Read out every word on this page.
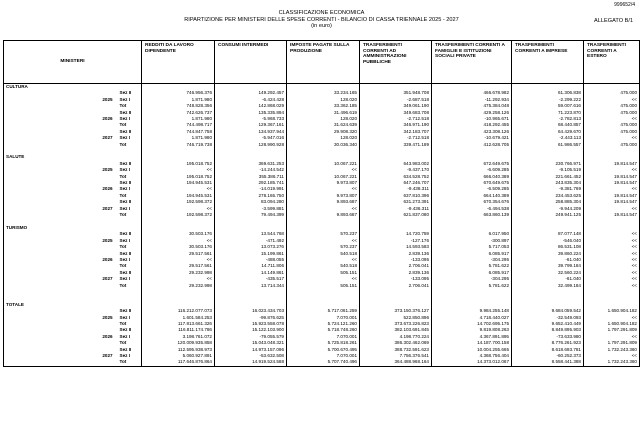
999652/4
CLASSIFICAZIONE ECONOMICA
RIPARTIZIONE PER MINISTERI DELLE SPESE CORRENTI - BILANCIO DI CASSA TRIENNALE 2025 - 2027
(in euro)
ALLEGATO B/1
MINISTERI			REDDITI DA LAVORO DIPENDENTE	CONSUMI INTERMEDI	IMPOSTE PAGATE SULLA PRODUZIONE	TRASFERIMENTI CORRENTI AD AMMINISTRAZIONI PUBBLICHE	TRASFERIMENTI CORRENTI A FAMIGLIE E ISTITUZIONI SOCIALI PRIVATE	TRASFERIMENTI CORRENTI A IMPRESE	TRASFERIMENTI CORRENTI A ESTERO
CULTURA									
		Sez II	746.956.376	149.292.457	33.234.165	351.948.708	466.678.982	61.306.838	475.000
	2025	Sez I	1.871.980	-6.424.428	128.020	-2.687.518	-11.292.934	-2.299.222	<<
		Tot	748.828.356	142.868.029	33.362.185	349.061.190	475.384.048	59.007.616	475.000
		Sez II	742.626.737	135.335.894	31.496.619	349.683.708	429.258.126	71.223.870	475.000
	2026	Sez I	1.871.980	-5.968.733	128.020	-2.712.518	-10.965.671	-2.782.813	<<
		Tot	744.498.717	129.367.161	31.624.639	346.971.190	418.292.455	68.440.857	475.000
		Sez II	744.847.758	134.937.944	29.908.320	342.183.707	423.308.126	64.429.670	475.000
	2027	Sez I	1.871.980	-5.947.016	128.020	-2.712.518	-10.679.421	-2.443.113	<<
		Tot	746.719.738	128.990.928	30.036.340	339.471.189	412.628.705	61.986.557	475.000

SALUTE									
		Sez II	195.018.752	369.631.253	10.067.221	643.983.002	672.649.675	230.766.971	19.814.547
	2025	Sez I	<<	-14.244.542	<<	-9.437.170	-6.609.285	-9.105.519	<<
		Tot	195.018.752	355.386.711	10.067.221	634.528.752	666.040.389	221.661.452	19.814.547
		Sez II	194.945.531	292.185.741	9.973.807	647.246.707	670.649.675	243.835.304	19.814.547
	2026	Sez I	<<	-14.019.991	<<	-9.438.311	-6.509.285	-9.381.769	<<
		Tot	194.945.531	278.165.750	9.973.807	637.810.396	664.140.389	234.453.625	19.814.547
		Sez II	192.598.372	83.094.280	9.893.687	631.273.391	670.354.676	258.885.304	19.814.547
	2027	Sez I	<<	-3.599.881	<<	-9.436.311	-6.494.538	-9.944.209	<<
		Tot	192.598.372	79.494.399	9.893.687	621.837.080	663.860.139	249.941.125	19.814.547

TURISMO									
		Sez II	30.503.176	13.544.768	570.237	14.720.759	6.017.950	87.077.148	<<
	2025	Sez I	<<	-471.492	<<	-127.176	-300.897	-546.040	<<
		Tot	30.503.176	13.073.276	570.237	14.593.583	5.717.053	86.531.108	<<
		Sez II	29.517.561	15.199.861	540.518	2.839.136	6.085.917	39.860.224	<<
	2026	Sez I	<<	-488.055	<<	-133.095	-304.295	-61.040	<<
		Tot	29.517.561	14.711.806	540.518	2.706.041	5.781.622	39.799.184	<<
		Sez II	29.232.998	14.149.861	505.151	2.839.136	6.085.917	32.560.224	<<
	2027	Sez I	<<	-435.517	<<	-133.095	-304.295	-61.040	<<
		Tot	29.232.998	13.714.344	505.151	2.706.041	5.781.622	32.499.184	<<

TOTALE									
		Sez II	116.212.077.073	16.023.434.703	5.717.061.259	373.150.376.127	9.984.255.148	9.684.059.542	1.650.904.182
	2025	Sez I	1.601.584.253	-99.876.625	7.070.001	522.850.896	4.718.440.027	-32.549.093	<<
		Tot	117.813.661.326	15.923.558.078	5.724.121.260	373.673.226.823	14.702.695.175	9.652.410.449	1.650.904.182
		Sez II	116.811.174.786	15.122.103.900	5.718.748.260	382.103.691.845	9.819.808.263	8.849.895.903	1.797.291.809
	2026	Sez I	3.198.761.072	-79.055.579	7.070.001	4.198.770.224	4.367.891.895	-73.633.980	<<
		Tot	120.009.935.858	15.043.048.321	5.725.818.261	386.302.462.069	14.187.700.158	8.776.261.923	1.797.291.809
		Sez II	112.595.938.973	14.973.157.096	5.700.670.495	388.732.591.623	10.004.255.665	8.618.693.781	1.732.243.360
	2027	Sez I	5.060.927.891	-53.632.508	7.070.001	7.756.376.541	4.368.756.404	-60.252.373	<<
		Tot	117.646.876.864	14.919.524.588	5.707.740.496	364.488.968.164	14.373.012.067	8.558.441.388	1.732.243.360
